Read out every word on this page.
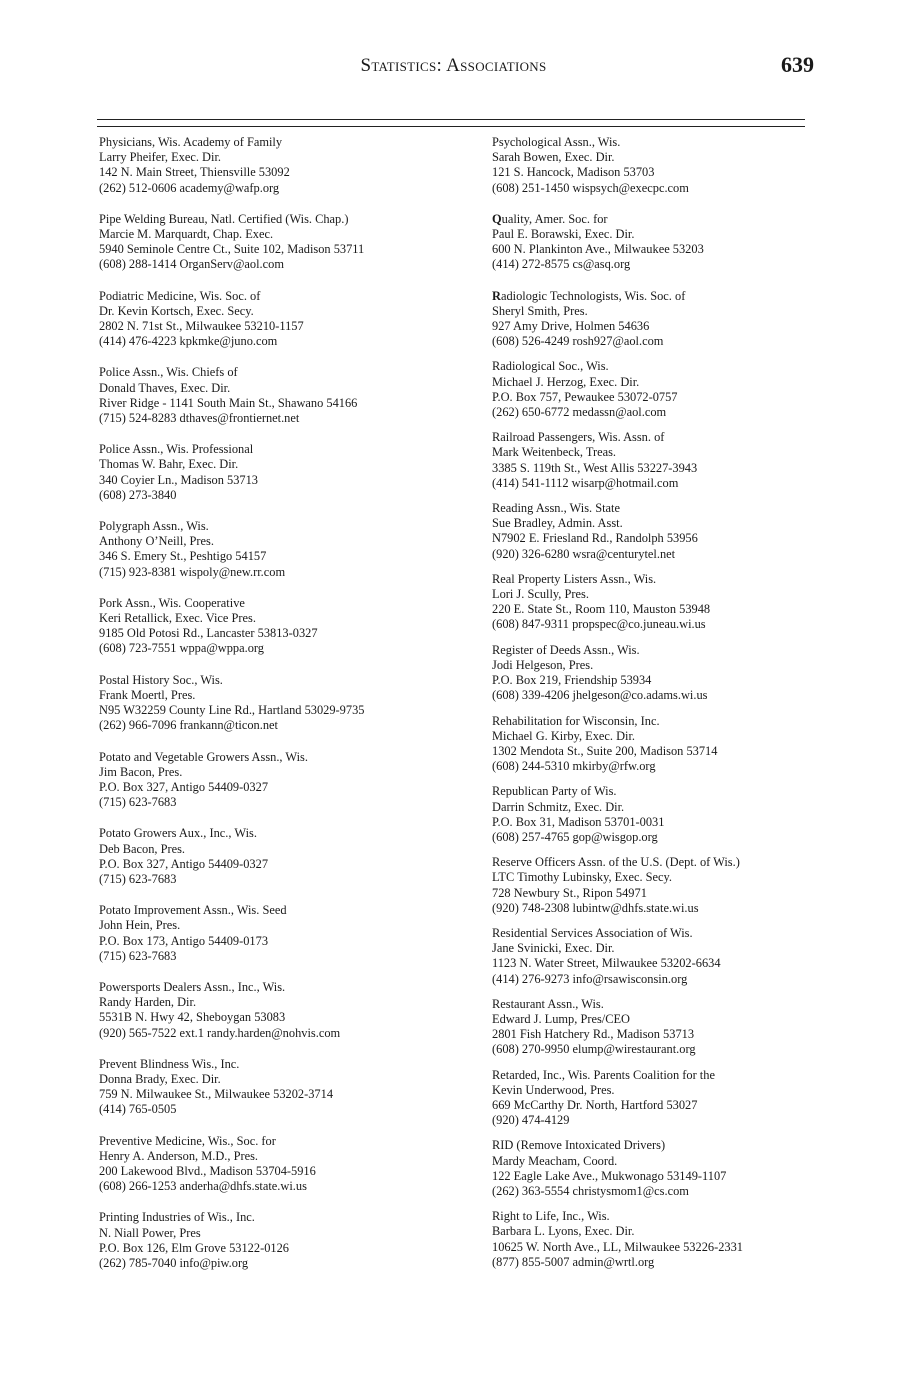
Statistics: Associations	639
Physicians, Wis. Academy of Family
Larry Pheifer, Exec. Dir.
142 N. Main Street, Thiensville 53092
(262) 512-0606 academy@wafp.org
Pipe Welding Bureau, Natl. Certified (Wis. Chap.)
Marcie M. Marquardt, Chap. Exec.
5940 Seminole Centre Ct., Suite 102, Madison 53711
(608) 288-1414 OrganServ@aol.com
Podiatric Medicine, Wis. Soc. of
Dr. Kevin Kortsch, Exec. Secy.
2802 N. 71st St., Milwaukee 53210-1157
(414) 476-4223 kpkmke@juno.com
Police Assn., Wis. Chiefs of
Donald Thaves, Exec. Dir.
River Ridge - 1141 South Main St., Shawano 54166
(715) 524-8283 dthaves@frontiernet.net
Police Assn., Wis. Professional
Thomas W. Bahr, Exec. Dir.
340 Coyier Ln., Madison 53713
(608) 273-3840
Polygraph Assn., Wis.
Anthony O’Neill, Pres.
346 S. Emery St., Peshtigo 54157
(715) 923-8381 wispoly@new.rr.com
Pork Assn., Wis. Cooperative
Keri Retallick, Exec. Vice Pres.
9185 Old Potosi Rd., Lancaster 53813-0327
(608) 723-7551 wppa@wppa.org
Postal History Soc., Wis.
Frank Moertl, Pres.
N95 W32259 County Line Rd., Hartland 53029-9735
(262) 966-7096 frankann@ticon.net
Potato and Vegetable Growers Assn., Wis.
Jim Bacon, Pres.
P.O. Box 327, Antigo 54409-0327
(715) 623-7683
Potato Growers Aux., Inc., Wis.
Deb Bacon, Pres.
P.O. Box 327, Antigo 54409-0327
(715) 623-7683
Potato Improvement Assn., Wis. Seed
John Hein, Pres.
P.O. Box 173, Antigo 54409-0173
(715) 623-7683
Powersports Dealers Assn., Inc., Wis.
Randy Harden, Dir.
5531B N. Hwy 42, Sheboygan 53083
(920) 565-7522 ext.1 randy.harden@nohvis.com
Prevent Blindness Wis., Inc.
Donna Brady, Exec. Dir.
759 N. Milwaukee St., Milwaukee 53202-3714
(414) 765-0505
Preventive Medicine, Wis., Soc. for
Henry A. Anderson, M.D., Pres.
200 Lakewood Blvd., Madison 53704-5916
(608) 266-1253 anderha@dhfs.state.wi.us
Printing Industries of Wis., Inc.
N. Niall Power, Pres
P.O. Box 126, Elm Grove 53122-0126
(262) 785-7040 info@piw.org
Psychological Assn., Wis.
Sarah Bowen, Exec. Dir.
121 S. Hancock, Madison 53703
(608) 251-1450 wispsych@execpc.com
Quality, Amer. Soc. for
Paul E. Borawski, Exec. Dir.
600 N. Plankinton Ave., Milwaukee 53203
(414) 272-8575 cs@asq.org
Radiologic Technologists, Wis. Soc. of
Sheryl Smith, Pres.
927 Amy Drive, Holmen 54636
(608) 526-4249 rosh927@aol.com
Radiological Soc., Wis.
Michael J. Herzog, Exec. Dir.
P.O. Box 757, Pewaukee 53072-0757
(262) 650-6772 medassn@aol.com
Railroad Passengers, Wis. Assn. of
Mark Weitenbeck, Treas.
3385 S. 119th St., West Allis 53227-3943
(414) 541-1112 wisarp@hotmail.com
Reading Assn., Wis. State
Sue Bradley, Admin. Asst.
N7902 E. Friesland Rd., Randolph 53956
(920) 326-6280 wsra@centurytel.net
Real Property Listers Assn., Wis.
Lori J. Scully, Pres.
220 E. State St., Room 110, Mauston 53948
(608) 847-9311 propspec@co.juneau.wi.us
Register of Deeds Assn., Wis.
Jodi Helgeson, Pres.
P.O. Box 219, Friendship 53934
(608) 339-4206 jhelgeson@co.adams.wi.us
Rehabilitation for Wisconsin, Inc.
Michael G. Kirby, Exec. Dir.
1302 Mendota St., Suite 200, Madison 53714
(608) 244-5310 mkirby@rfw.org
Republican Party of Wis.
Darrin Schmitz, Exec. Dir.
P.O. Box 31, Madison 53701-0031
(608) 257-4765 gop@wisgop.org
Reserve Officers Assn. of the U.S. (Dept. of Wis.)
LTC Timothy Lubinsky, Exec. Secy.
728 Newbury St., Ripon 54971
(920) 748-2308 lubintw@dhfs.state.wi.us
Residential Services Association of Wis.
Jane Svinicki, Exec. Dir.
1123 N. Water Street, Milwaukee 53202-6634
(414) 276-9273 info@rsawisconsin.org
Restaurant Assn., Wis.
Edward J. Lump, Pres/CEO
2801 Fish Hatchery Rd., Madison 53713
(608) 270-9950 elump@wirestaurant.org
Retarded, Inc., Wis. Parents Coalition for the
Kevin Underwood, Pres.
669 McCarthy Dr. North, Hartford 53027
(920) 474-4129
RID (Remove Intoxicated Drivers)
Mardy Meacham, Coord.
122 Eagle Lake Ave., Mukwonago 53149-1107
(262) 363-5554 christysmom1@cs.com
Right to Life, Inc., Wis.
Barbara L. Lyons, Exec. Dir.
10625 W. North Ave., LL, Milwaukee 53226-2331
(877) 855-5007 admin@wrtl.org
